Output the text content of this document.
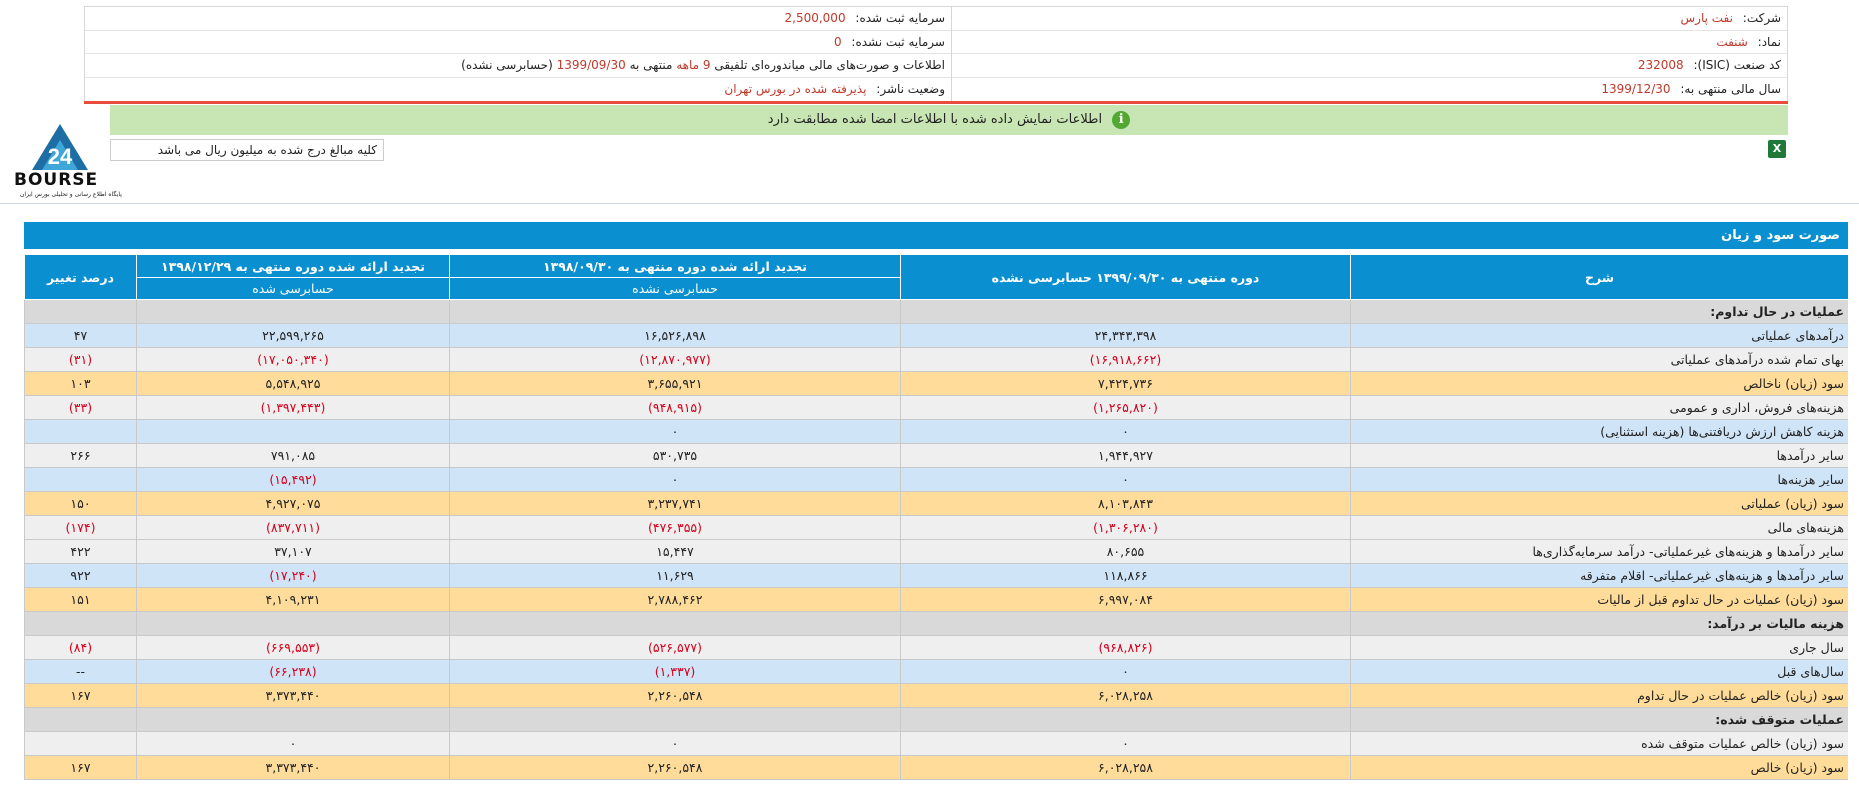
شرکت: نفت پارس
نماد: شنفت
کد صنعت (ISIC): 232008
سال مالی منتهی به: 1399/12/30
سرمایه ثبت شده: 2,500,000
سرمایه ثبت نشده: 0
اطلاعات و صورت‌های مالی میاندوره‌ای تلفیقی 9 ماهه منتهی به 1399/09/30 (حسابرسی نشده)
وضعیت ناشر: پذیرفته شده در بورس تهران
i اطلاعات نمایش داده شده با اطلاعات امضا شده مطابقت دارد
کلیه مبالغ درج شده به میلیون ریال می باشد	X
24
BOURSE
پایگاه اطلاع رسانی و تحلیلی بورس ایران
صورت سود و زیان
شرح	دوره منتهی به ۱۳۹۹/۰۹/۳۰ حسابرسی نشده	تجدید ارائه شده دوره منتهی به ۱۳۹۸/۰۹/۳۰	تجدید ارائه شده دوره منتهی به ۱۳۹۸/۱۲/۲۹	درصد تغییر
		حسابرسی نشده	حسابرسی شده	
عملیات در حال تداوم:				
درآمدهای عملیاتی	۲۴,۳۴۳,۳۹۸	۱۶,۵۲۶,۸۹۸	۲۲,۵۹۹,۲۶۵	۴۷
بهای تمام شده درآمدهای عملیاتی	(۱۶,۹۱۸,۶۶۲)	(۱۲,۸۷۰,۹۷۷)	(۱۷,۰۵۰,۳۴۰)	(۳۱)
سود (زیان) ناخالص	۷,۴۲۴,۷۳۶	۳,۶۵۵,۹۲۱	۵,۵۴۸,۹۲۵	۱۰۳
هزینه‌های فروش، اداری و عمومی	(۱,۲۶۵,۸۲۰)	(۹۴۸,۹۱۵)	(۱,۳۹۷,۴۴۳)	(۳۳)
هزینه کاهش ارزش دریافتنی‌ها (هزینه استثنایی)	۰	۰		
سایر درآمدها	۱,۹۴۴,۹۲۷	۵۳۰,۷۳۵	۷۹۱,۰۸۵	۲۶۶
سایر هزینه‌ها	۰	۰	(۱۵,۴۹۲)	
سود (زیان) عملیاتی	۸,۱۰۳,۸۴۳	۳,۲۳۷,۷۴۱	۴,۹۲۷,۰۷۵	۱۵۰
هزینه‌های مالی	(۱,۳۰۶,۲۸۰)	(۴۷۶,۳۵۵)	(۸۳۷,۷۱۱)	(۱۷۴)
سایر درآمدها و هزینه‌های غیرعملیاتی- درآمد سرمایه‌گذاری‌ها	۸۰,۶۵۵	۱۵,۴۴۷	۳۷,۱۰۷	۴۲۲
سایر درآمدها و هزینه‌های غیرعملیاتی- اقلام متفرقه	۱۱۸,۸۶۶	۱۱,۶۲۹	(۱۷,۲۴۰)	۹۲۲
سود (زیان) عملیات در حال تداوم قبل از مالیات	۶,۹۹۷,۰۸۴	۲,۷۸۸,۴۶۲	۴,۱۰۹,۲۳۱	۱۵۱
هزینه مالیات بر درآمد:				
سال جاری	(۹۶۸,۸۲۶)	(۵۲۶,۵۷۷)	(۶۶۹,۵۵۳)	(۸۴)
سال‌های قبل	۰	(۱,۳۳۷)	(۶۶,۲۳۸)	--
سود (زیان) خالص عملیات در حال تداوم	۶,۰۲۸,۲۵۸	۲,۲۶۰,۵۴۸	۳,۳۷۳,۴۴۰	۱۶۷
عملیات متوقف شده:				
سود (زیان) خالص عملیات متوقف شده	۰	۰	۰	
سود (زیان) خالص	۶,۰۲۸,۲۵۸	۲,۲۶۰,۵۴۸	۳,۳۷۳,۴۴۰	۱۶۷
